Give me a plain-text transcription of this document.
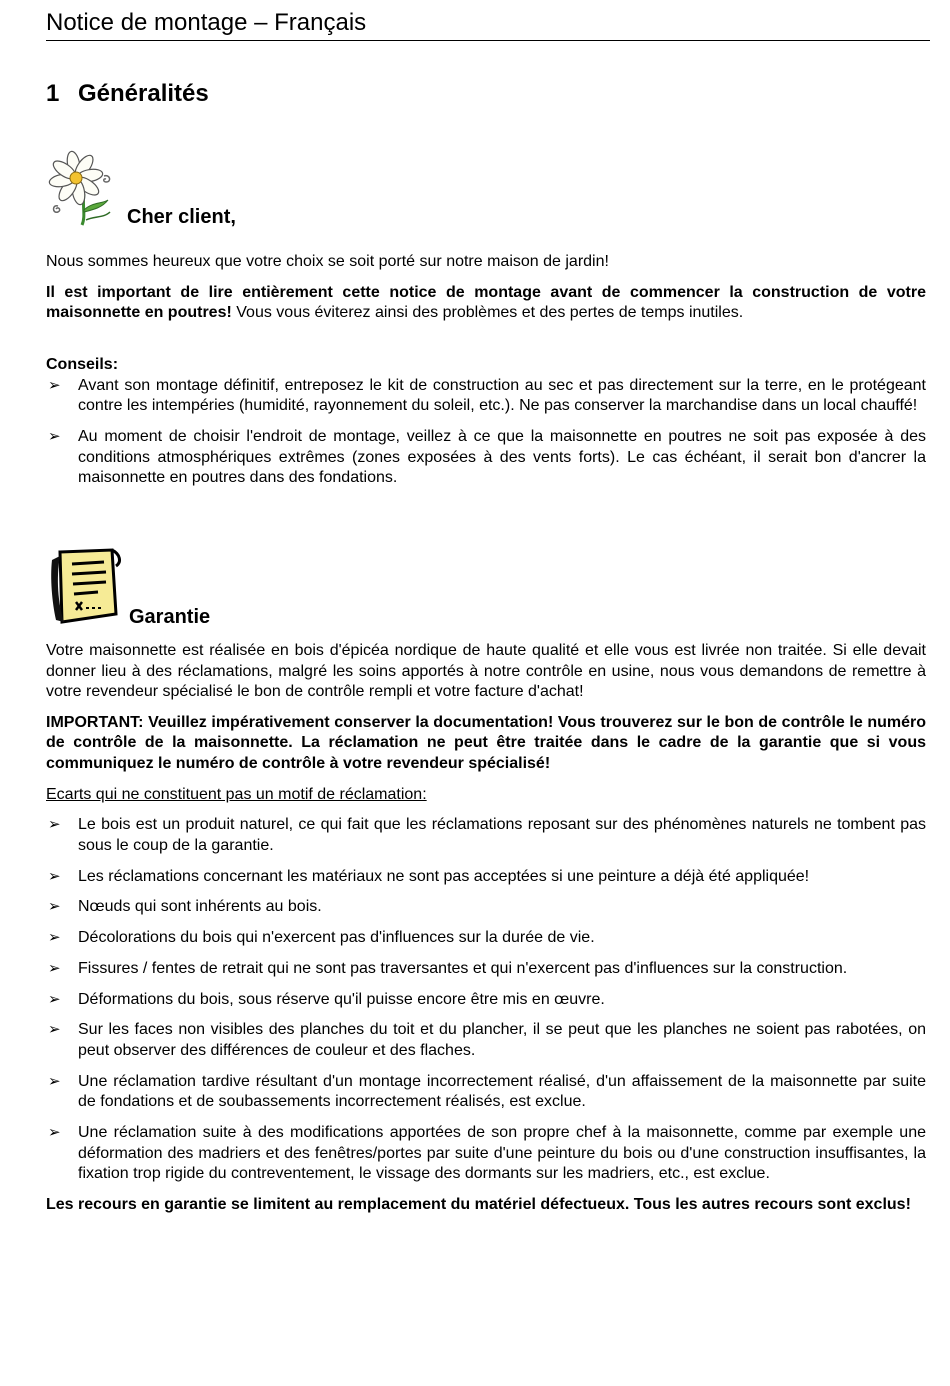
Notice de montage – Français
1 Généralités
Cher client,

Nous sommes heureux que votre choix se soit porté sur notre maison de jardin!

Il est important de lire entièrement cette notice de montage avant de commencer la construction de votre maisonnette en poutres! Vous vous éviterez ainsi des problèmes et des pertes de temps inutiles.

Conseils:

➢ Avant son montage définitif, entreposez le kit de construction au sec et pas directement sur la terre, en le protégeant contre les intempéries (humidité, rayonnement du soleil, etc.). Ne pas conserver la marchandise dans un local chauffé!
➢ Au moment de choisir l'endroit de montage, veillez à ce que la maisonnette en poutres ne soit pas exposée à des conditions atmosphériques extrêmes (zones exposées à des vents forts). Le cas échéant, il serait bon d'ancrer la maisonnette en poutres dans des fondations.
Garantie

Votre maisonnette est réalisée en bois d'épicéa nordique de haute qualité et elle vous est livrée non traitée. Si elle devait donner lieu à des réclamations, malgré les soins apportés à notre contrôle en usine, nous vous demandons de remettre à votre revendeur spécialisé le bon de contrôle rempli et votre facture d'achat!

IMPORTANT: Veuillez impérativement conserver la documentation! Vous trouverez sur le bon de contrôle le numéro de contrôle de la maisonnette. La réclamation ne peut être traitée dans le cadre de la garantie que si vous communiquez le numéro de contrôle à votre revendeur spécialisé!

Ecarts qui ne constituent pas un motif de réclamation:

➢ Le bois est un produit naturel, ce qui fait que les réclamations reposant sur des phénomènes naturels ne tombent pas sous le coup de la garantie.
➢ Les réclamations concernant les matériaux ne sont pas acceptées si une peinture a déjà été appliquée!
➢ Nœuds qui sont inhérents au bois.
➢ Décolorations du bois qui n'exercent pas d'influences sur la durée de vie.
➢ Fissures / fentes de retrait qui ne sont pas traversantes et qui n'exercent pas d'influences sur la construction.
➢ Déformations du bois, sous réserve qu'il puisse encore être mis en œuvre.
➢ Sur les faces non visibles des planches du toit et du plancher, il se peut que les planches ne soient pas rabotées, on peut observer des différences de couleur et des flaches.
➢ Une réclamation tardive résultant d'un montage incorrectement réalisé, d'un affaissement de la maisonnette par suite de fondations et de soubassements incorrectement réalisés, est exclue.
➢ Une réclamation suite à des modifications apportées de son propre chef à la maisonnette, comme par exemple une déformation des madriers et des fenêtres/portes par suite d'une peinture du bois ou d'une construction insuffisantes, la fixation trop rigide du contreventement, le vissage des dormants sur les madriers, etc., est exclue.

Les recours en garantie se limitent au remplacement du matériel défectueux. Tous les autres recours sont exclus!
